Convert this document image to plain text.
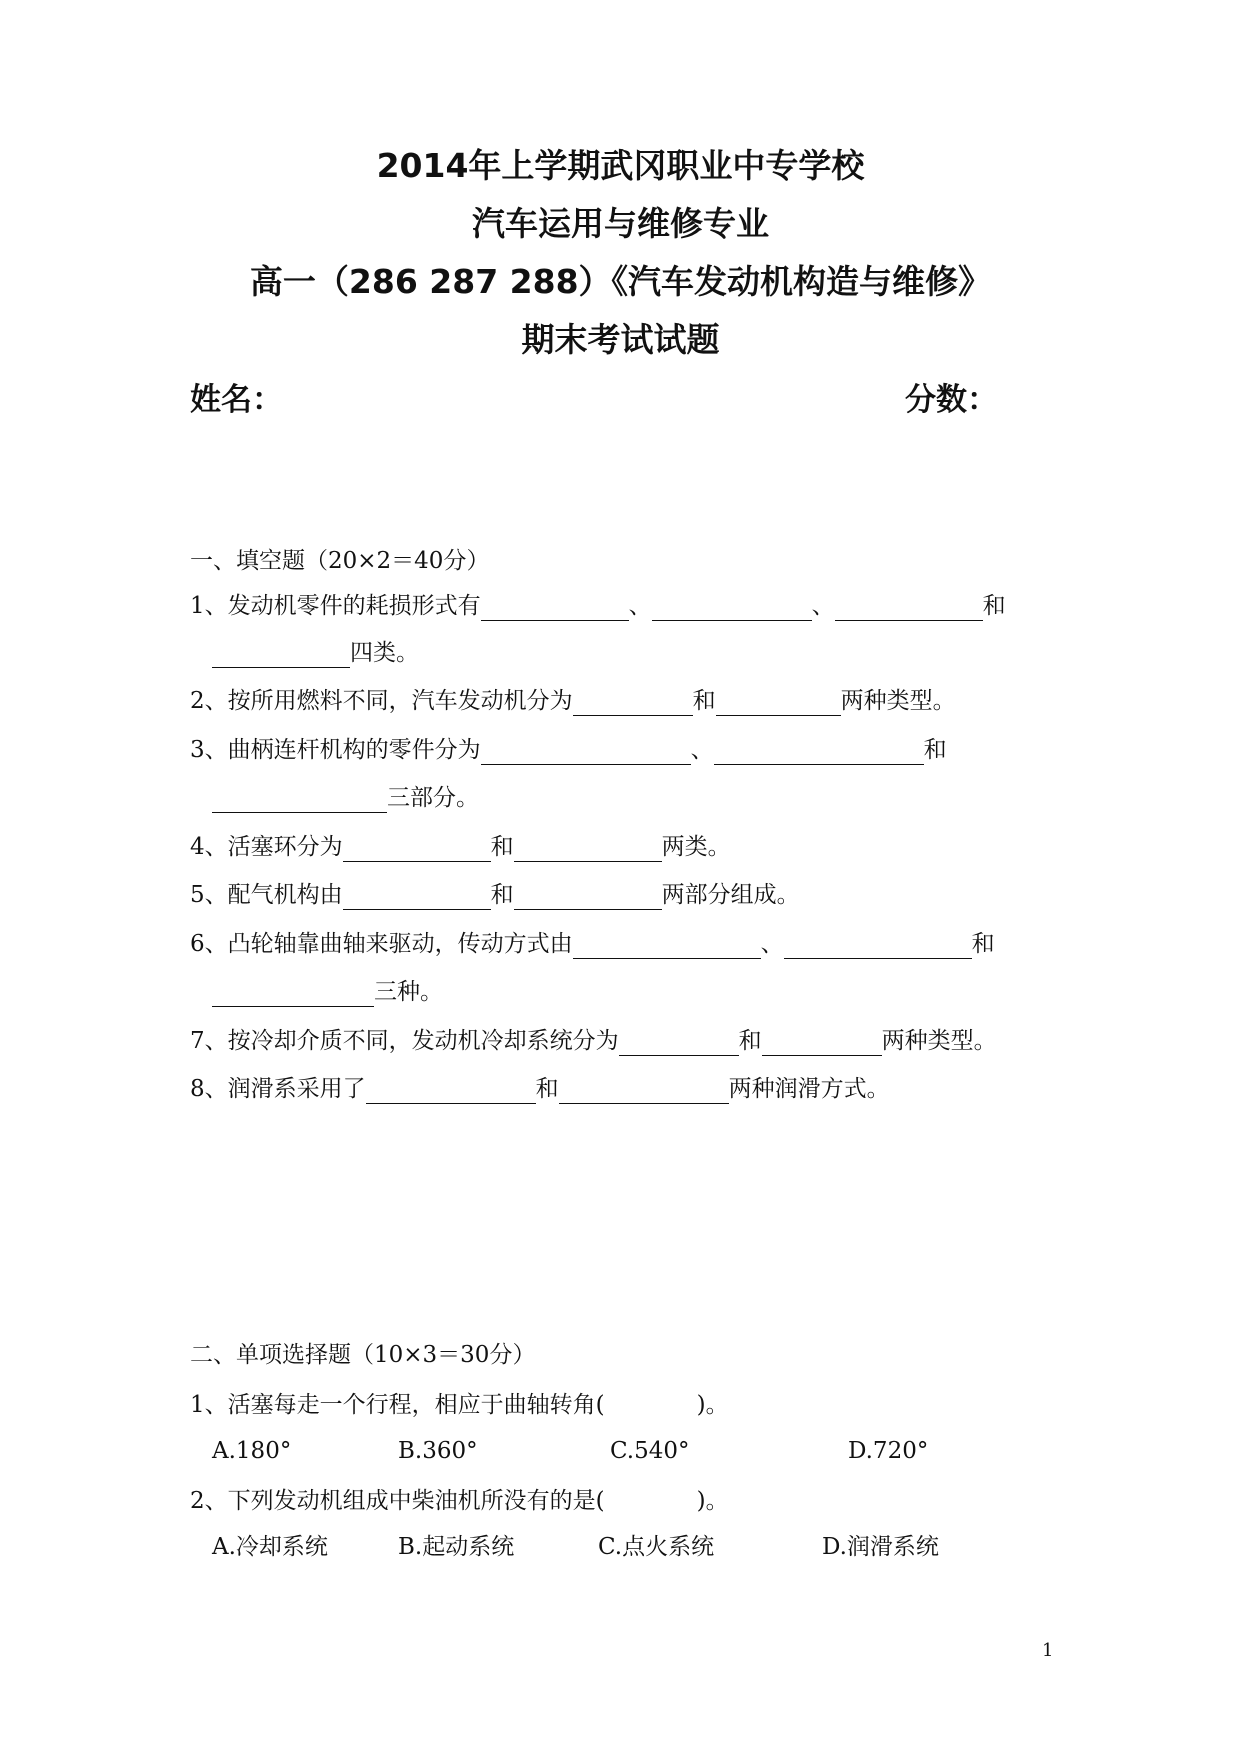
2014年上学期武冈职业中专学校
汽车运用与维修专业
高一（286 287 288）《汽车发动机构造与维修》
期末考试试题
姓名：	分数：
一、填空题（20×2＝40分）
1、发动机零件的耗损形式有	、	、	和
四类。
2、按所用燃料不同，汽车发动机分为	和	两种类型。
3、曲柄连杆机构的零件分为	、	和
三部分。
4、活塞环分为	和	两类。
5、配气机构由	和	两部分组成。
6、凸轮轴靠曲轴来驱动，传动方式由	、	和
三种。
7、按冷却介质不同，发动机冷却系统分为	和	两种类型。
8、润滑系采用了	和	两种润滑方式。
二、单项选择题（10×3＝30分）
1、活塞每走一个行程，相应于曲轴转角(　　　　)。
A.180°	B.360°	C.540°	D.720°
2、下列发动机组成中柴油机所没有的是(　　　　)。
A.冷却系统	B.起动系统	C.点火系统	D.润滑系统
1
